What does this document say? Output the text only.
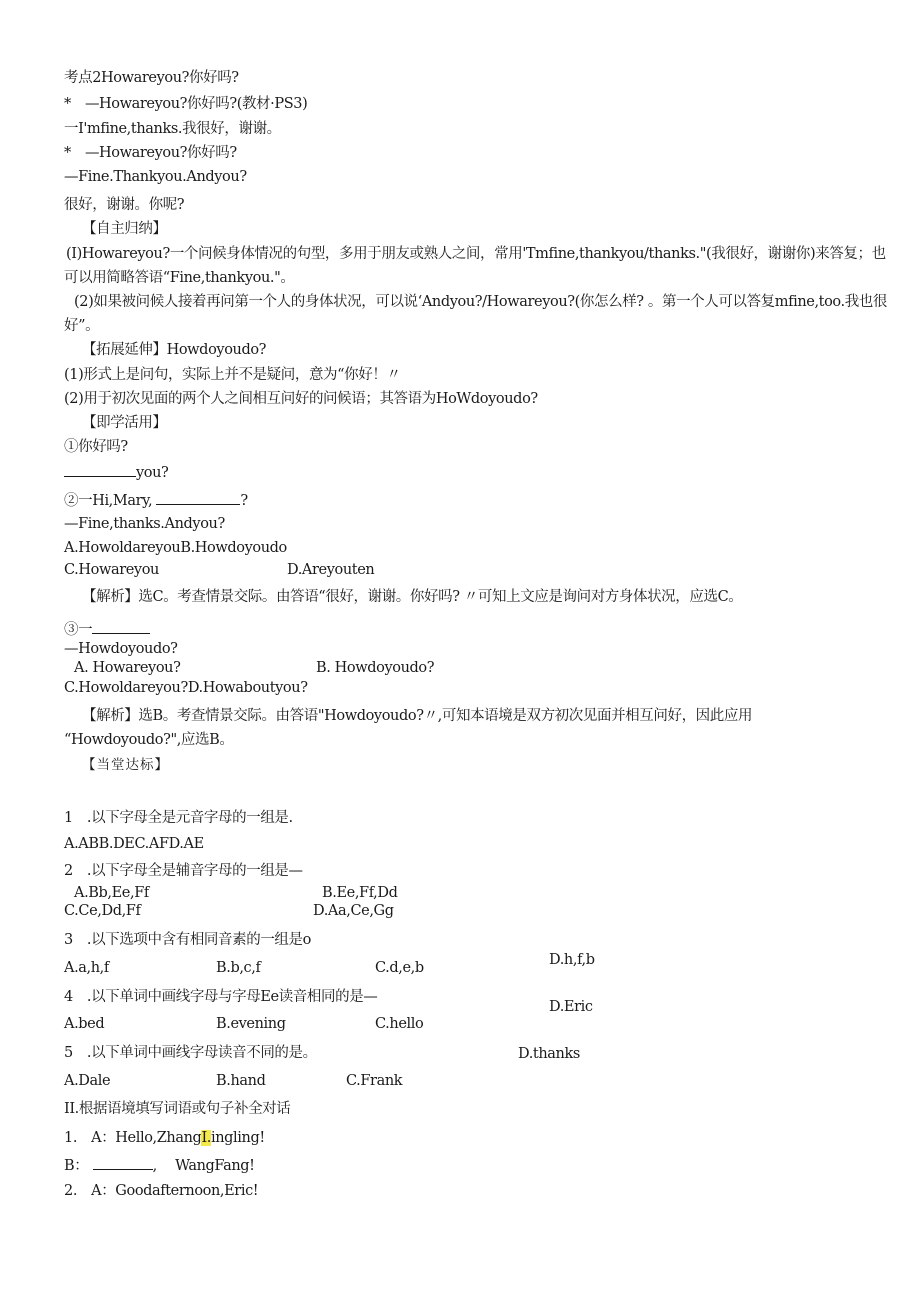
考点2Howareyou?你好吗?
*　—Howareyou?你好吗?(教材·PS3)
一I'mfine,thanks.我很好，谢谢。
*　—Howareyou?你好吗?
—Fine.Thankyou.Andyou?
很好，谢谢。你呢?
【自主归纳】
(I)Howareyou?一个问候身体情况的句型，多用于朋友或熟人之间，常用'Tmfine,thankyou/thanks."(我很好，谢谢你)来答复；也
可以用简略答语“Fine,thankyou."。
(2)如果被问候人接着再问第一个人的身体状况，可以说‘Andyou?/Howareyou?(你怎么样? 。第一个人可以答复mfine,too.我也很
好”。
【拓展延伸】Howdoyoudo?
(1)形式上是问句，实际上并不是疑问，意为“你好！〃
(2)用于初次见面的两个人之间相互问好的问候语；其答语为HoWdoyoudo?
【即学活用】
①你好吗?
you?
②一Hi,Mary,	?
—Fine,thanks.Andyou?
A.HowoldareyouB.Howdoyoudo
C.Howareyou	D.Areyouten
【解析】选C。考查情景交际。由答语“很好，谢谢。你好吗? 〃可知上文应是询问对方身体状况，应选C。
③一
—Howdoyoudo?
A. Howareyou?	B. Howdoyoudo?
C.Howoldareyou?D.Howaboutyou?
【解析】选B。考查情景交际。由答语"Howdoyoudo?〃,可知本语境是双方初次见面并相互问好，因此应用
“Howdoyoudo?",应选B。
【当堂达标】
1　.以下字母全是元音字母的一组是.
A.ABB.DEC.AFD.AE
2　.以下字母全是辅音字母的一组是—
A.Bb,Ee,Ff	B.Ee,Ff,Dd
C.Ce,Dd,Ff	D.Aa,Ce,Gg
3　.以下选项中含有相同音素的一组是o
D.h,f,b
A.a,h,f	B.b,c,f	C.d,e,b
4　.以下单词中画线字母与字母Ee读音相同的是—
D.Eric
A.bed	B.evening	C.hello
5　.以下单词中画线字母读音不同的是。	D.thanks
A.Dale	B.hand	C.Frank
II.根据语境填写词语或句子补全对话
1.　A：Hello,ZhangI.ingling!
B：	,　 WangFang!
2.　A：Goodafternoon,Eric!
